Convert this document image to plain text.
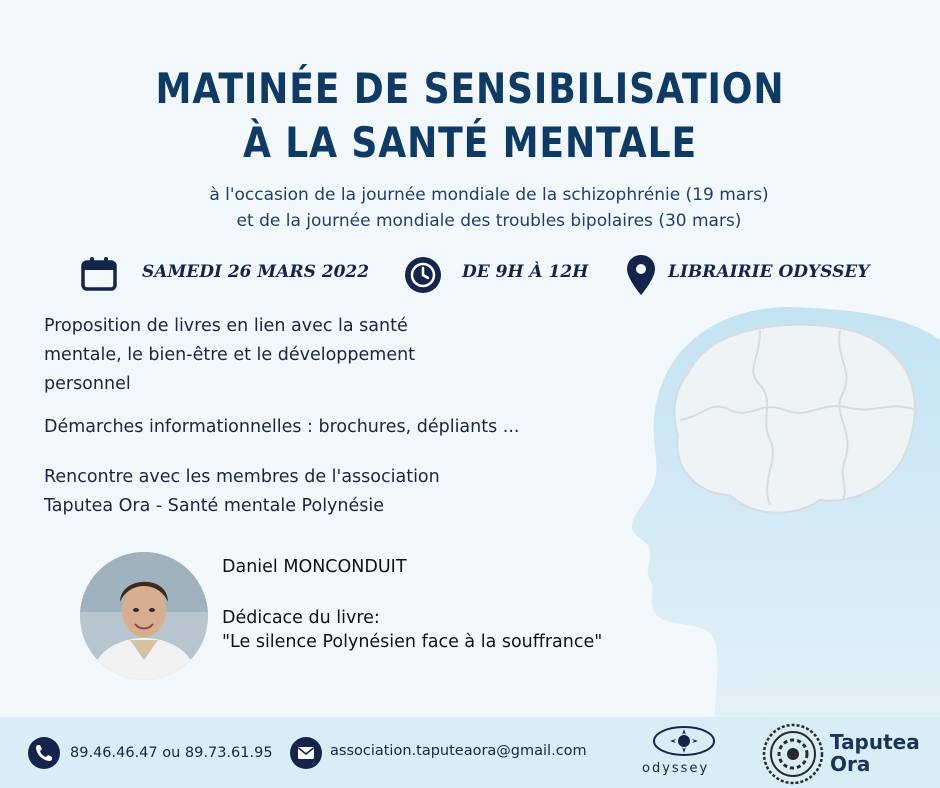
MATINÉE DE SENSIBILISATION
À LA SANTÉ MENTALE
à l'occasion de la journée mondiale de la schizophrénie (19 mars)
et de la journée mondiale des troubles bipolaires (30 mars)
SAMEDI 26 MARS 2022	DE 9H À 12H	LIBRAIRIE ODYSSEY
Proposition de livres en lien avec la santé
mentale, le bien-être et le développement
personnel
Démarches informationnelles : brochures, dépliants ...
Rencontre avec les membres de l'association
Taputea Ora - Santé mentale Polynésie
Daniel MONCONDUIT
Dédicace du livre:
"Le silence Polynésien face à la souffrance"
89.46.46.47 ou 89.73.61.95	association.taputeaora@gmail.com
odyssey
Taputea
Ora
